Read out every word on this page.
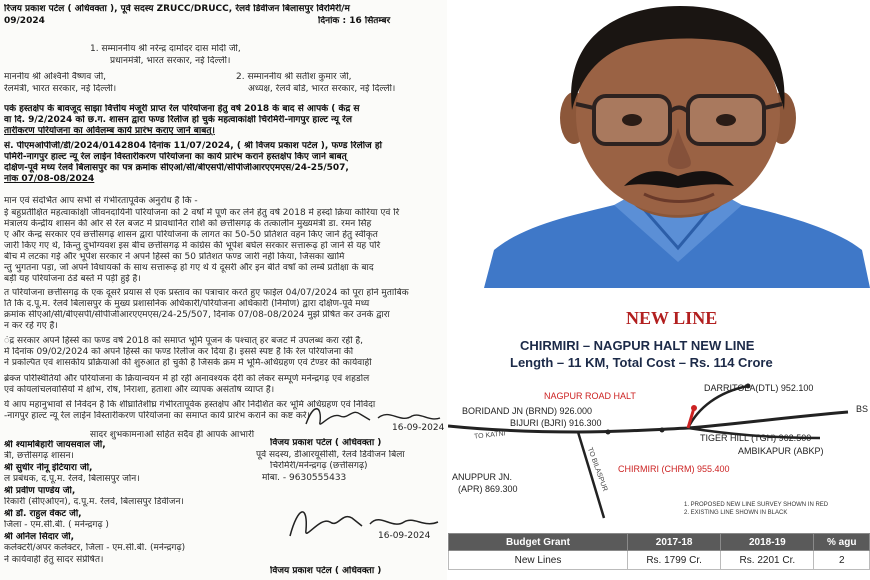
रिजय प्रकाश पटेल ( अधिवक्ता ), पूर्व सदस्य ZRUCC/DRUCC, रेलवे डिवीजन बिलासपुर विरमिरी/म
09/2024	दिनांक : 16 सितम्बर
1. सम्माननीय श्री नरेन्द्र दामोदर दास मोदी जी,
प्रधानमंत्री, भारत सरकार, नई दिल्ली।
माननीय श्री अश्विनी वैष्णव जी,	2. सम्माननीय श्री सतीश कुमार जी,
रेलमंत्री, भारत सरकार, नई दिल्ली।	अध्यक्ष, रेलवे बोर्ड, भारत सरकार, नई दिल्ली।
पके हस्तक्षेप के बावजूद साझा वित्तीय मंजूरी प्राप्त रेल परियोजना हेतु वर्ष 2018 के बाद से आपके ( केंद्र स
वा दि. 9/2/2024 को छ.ग. शासन द्वारा फण्ड रिलीज हो चुके महत्वाकांक्षी चिरमिरी-नागपुर हाल्ट न्यू रेल
तारीकरण परियोजना का अविलम्ब कार्य प्रारंभ कराए जाने बाबत्।
सं. पीएमओपीजी/डी/2024/0142804 दिनांक 11/07/2024, ( श्री विजय प्रकाश पटेल ), फण्ड रिलीज हो
पमिरी-नागपुर हाल्ट न्यू रेल लाईन विस्तारीकरण परियोजना का कार्य प्रारंभ कराने हस्तक्षेप किए जाने बाबत्
दक्षिण-पूर्व मध्य रेलवे बिलासपुर का पत्र क्रमांक सीएओ/सी/बीएसपी/सीपीजीआरएएमएस/24-25/507,
नांक 07/08-08/2024
मान एवं संदर्भित आप सभी से गंभीरतापूर्वक अनुरोध है कि -
ई बहुप्रतीक्षित महत्वाकांक्षी जीवनदायिनी परियोजना को 2 वर्षों में पूर्ण कर लेने हेतु वर्ष 2018 में हस्दो क्रिया कोरिया एवं रि
मंत्रालय केन्द्रीय शासन की ओर से रेल बजट में प्रावधानित राशि को छत्तीसगढ़ के तत्कालीन मुख्यमंत्री डा. रमन सिंह
ए और केन्द्र सरकार एवं छत्तीसगढ़ शासन द्वारा परियोजना के लागत का 50-50 प्रतिशत वहन किए जाने हेतु स्वीकृत
जारी किए गए थे, किन्तु दुर्भाग्यवश इस बीच छत्तीसगढ़ में कांग्रेस की भूपेश बघेल सरकार सत्तारूढ़ हो जाने से यह परि
बीच में लटका गई और भूपेश सरकार ने अपने हिस्से का 50 प्रतिशत फण्ड जारी नहीं किया, जिसका खामि
न्तु भुगतना पड़ा, जो अपने विधायकों के साथ सत्तारूढ़ हो गए थे ये दूसरी और इन बीते वर्षों को लम्बे प्रतीक्षा के बाद
बड़ी यह परियोजना ठंडे बस्ते में पड़ी हुई है।
त परियोजना छत्तीसगढ़ के एक दूसरे प्रयास से एक प्रस्ताव का पत्राचार करते हुए फाईल 04/07/2024 को पूरा होने मुताबिक
ति कि द.पू.म. रेलवे बिलासपुर के मुख्य प्रशासनिक अधिकारी/परियोजना अधिकारी (निर्माण) द्वारा दक्षिण-पूर्व मध्य
क्रमांक सीएओ/सी/बीएसपी/सीपीजीआरएएमएस/24-25/507, दिनांक 07/08-08/2024 मुझे प्रेषित कर उनके द्वारा
न कर रहे गए हैं।
ंद्र सरकार अपने हिस्से का फण्ड वर्ष 2018 को समाप्त भूमि पूजन के पश्चात् हर बजट में उपलब्ध करा रही है,
में दिनांक 09/02/2024 को अपने हिस्से का फण्ड रिलीज कर दिया है। इससे स्पष्ट है कि रेल परियोजना की
ने प्रकल्पित एवं शासकीय प्रक्रियाओं की शुरुआत हो चुकी है जिसके क्रम में भूमि-अधिग्रहण एवं टेण्डर की कार्यवाही
ब्रेक्ज परिस्थितियों और परियोजना के क्रियान्वयन में हो रही अनावश्यक देरी को लेकर सम्पूर्ण मनेन्द्रगढ़ एवं शहडोल
एवं कोयलांचलवासियों में क्षोभ, रोष, निराशा, हताशा और व्यापक असंतोष व्याप्त है।
ये आप महानुभावों से निवेदन है कि शीघ्रातिशीघ्र गंभीरतापूर्वक हस्तक्षेप और निर्देशित कर भूमि अधिग्रहण एवं निविदा
-नागपुर हाल्ट न्यू रेल लाईन विस्तारीकरण परियोजना का समाप्त कार्य प्रारंभ कराने का कष्ट करें।
सादर शुभकामनाओं सहित सदैव ही आपके आभारी
16-09-2024
विजय प्रकाश पटेल ( अधिवक्ता )
पूर्व सदस्य, डीआरयूसीसी, रेलवे डिवीजन बिला
चिरमिरी/मनेन्द्रगढ़ (छत्तीसगढ़)
मोबा. - 9630555433
श्री श्यामबिहारी जायसवाल जी,
त्री, छत्तीसगढ़ शासन।
श्री सुधीर नीनू इंटियारा जी,
ल प्रबंधक, द.पू.म. रेलवे, बिलासपुर जोन।
श्री प्रवीण पाण्डेय जी,
रिकारी (सीएओएन), द.पू.म. रेलवे, बिलासपुर डिवीजन।
श्री डॉ. राहुल वेंकट जी,
जिला - एम.सी.बी. ( मनेन्द्रगढ़ )
श्री अनिल सिदार जी,
कलेक्टरी/अपर कलेक्टर, जिला - एम.सी.बी. (मनेन्द्रगढ़)
ने कार्यवाही हेतु सादर संप्रेषित।
16-09-2024
विजय प्रकाश पटेल ( अधिवक्ता )
NEW LINE
CHIRMIRI – NAGPUR HALT NEW LINE
Length – 11 KM, Total Cost – Rs. 114 Crore
NAGPUR ROAD HALT
DARRITOLA(DTL) 952.100
BORIDAND JN (BRND) 926.000
BIJURI (BJRI) 916.300
TIGER HILL (TGH) 962.500
AMBIKAPUR (ABKP)
CHIRMIRI (CHRM) 955.400
ANUPPUR JN.
(APR) 869.300
BS
TO KATNI
TO BILASPUR
1. PROPOSED NEW LINE SURVEY SHOWN IN RED
2. EXISTING LINE SHOWN IN BLACK
Budget Grant	2017-18	2018-19	% agu
New Lines	Rs. 1799 Cr.	Rs. 2201 Cr.	2
